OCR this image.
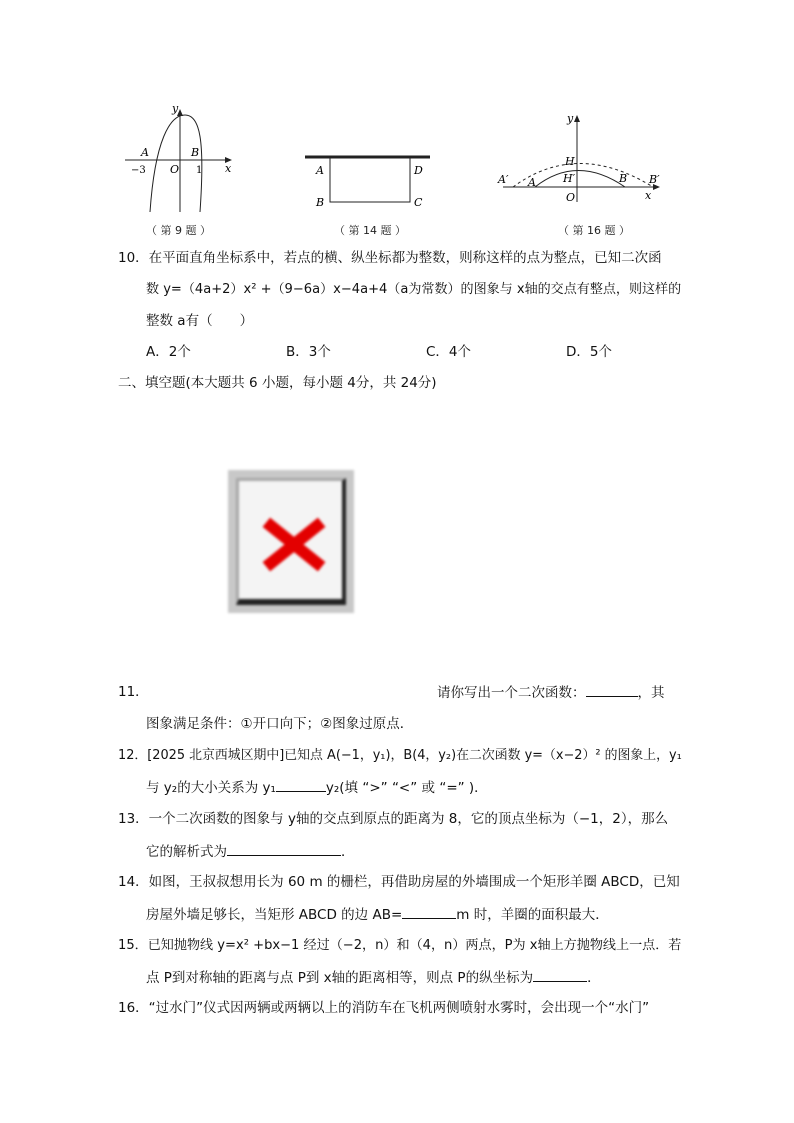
y
x
A	B
O
−3	1
（ 第 9 题 ）
A	D
B	C
（ 第 14 题 ）
y
x
H
H′
A′ A	B B′
O
（ 第 16 题 ）
10．在平面直角坐标系中，若点的横、纵坐标都为整数，则称这样的点为整点，已知二次函
数 y=（4a+2）x² +（9−6a）x−4a+4（a为常数）的图象与 x轴的交点有整点，则这样的
整数 a有（　　）
A．2个	B．3个	C．4个	D．5个
二、填空题(本大题共 6 小题，每小题 4分，共 24分)
11．	请你写出一个二次函数：	，其
图象满足条件：①开口向下；②图象过原点．
12．[2025 北京西城区期中]已知点 A(−1，y₁)，B(4，y₂)在二次函数 y=（x−2）² 的图象上，y₁
与 y₂的大小关系为 y₁	y₂(填 “>” “<” 或 “=” )．
13．一个二次函数的图象与 y轴的交点到原点的距离为 8，它的顶点坐标为（−1，2），那么
它的解析式为	．
14．如图，王叔叔想用长为 60 m 的栅栏，再借助房屋的外墙围成一个矩形羊圈 ABCD，已知
房屋外墙足够长，当矩形 ABCD 的边 AB=	m 时，羊圈的面积最大．
15．已知抛物线 y=x² +bx−1 经过（−2，n）和（4，n）两点，P为 x轴上方抛物线上一点．若
点 P到对称轴的距离与点 P到 x轴的距离相等，则点 P的纵坐标为	．
16．“过水门”仪式因两辆或两辆以上的消防车在飞机两侧喷射水雾时，会出现一个“水门”
